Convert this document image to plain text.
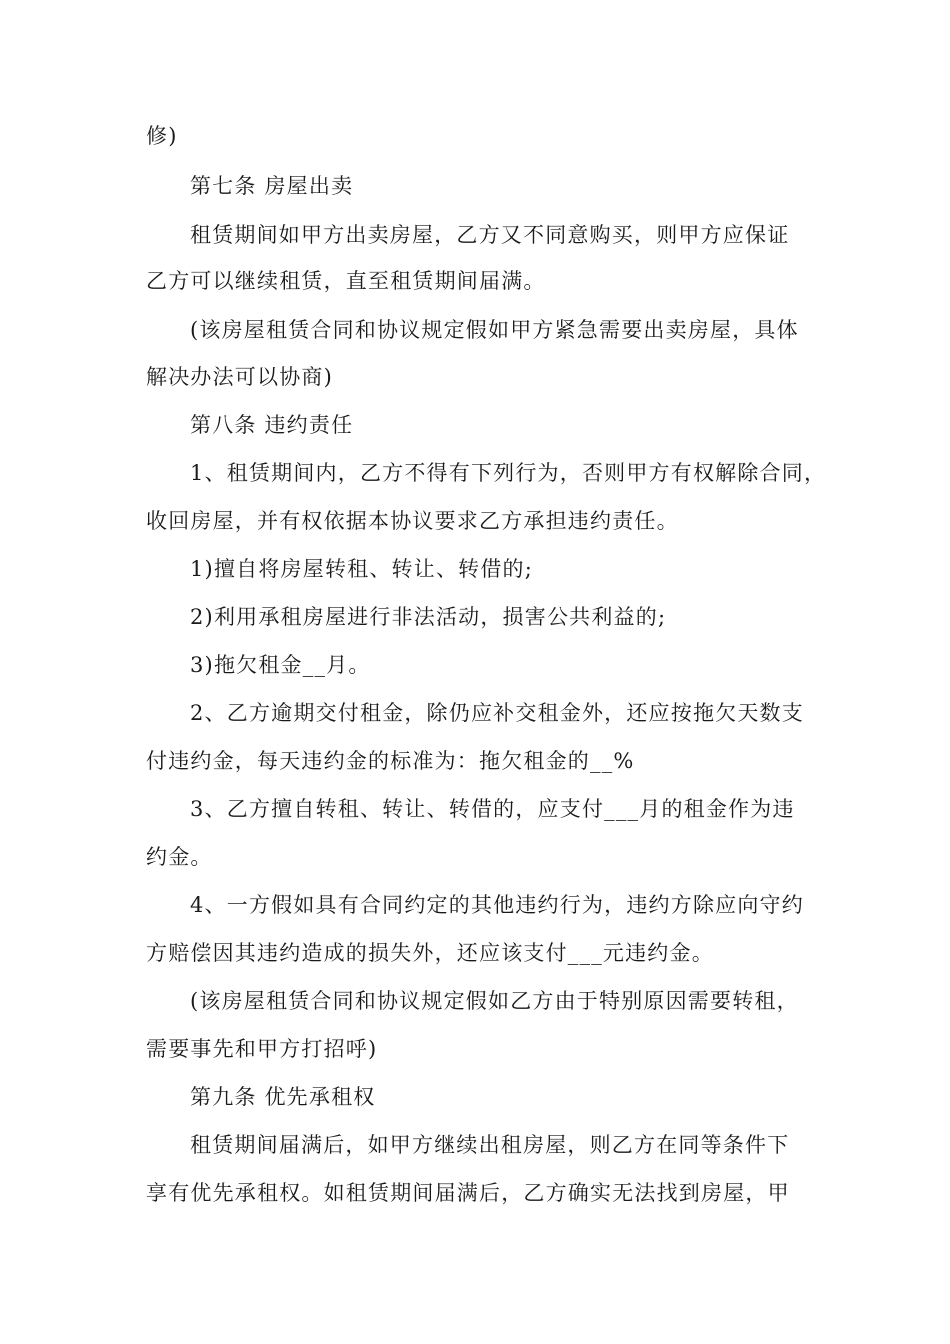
修)
第七条 房屋出卖
租赁期间如甲方出卖房屋，乙方又不同意购买，则甲方应保证
乙方可以继续租赁，直至租赁期间届满。
(该房屋租赁合同和协议规定假如甲方紧急需要出卖房屋，具体
解决办法可以协商)
第八条 违约责任
1、租赁期间内，乙方不得有下列行为，否则甲方有权解除合同，
收回房屋，并有权依据本协议要求乙方承担违约责任。
1)擅自将房屋转租、转让、转借的;
2)利用承租房屋进行非法活动，损害公共利益的;
3)拖欠租金__月。
2、乙方逾期交付租金，除仍应补交租金外，还应按拖欠天数支
付违约金，每天违约金的标准为：拖欠租金的__%
3、乙方擅自转租、转让、转借的，应支付___月的租金作为违
约金。
4、一方假如具有合同约定的其他违约行为，违约方除应向守约
方赔偿因其违约造成的损失外，还应该支付___元违约金。
(该房屋租赁合同和协议规定假如乙方由于特别原因需要转租，
需要事先和甲方打招呼)
第九条 优先承租权
租赁期间届满后，如甲方继续出租房屋，则乙方在同等条件下
享有优先承租权。如租赁期间届满后，乙方确实无法找到房屋，甲
